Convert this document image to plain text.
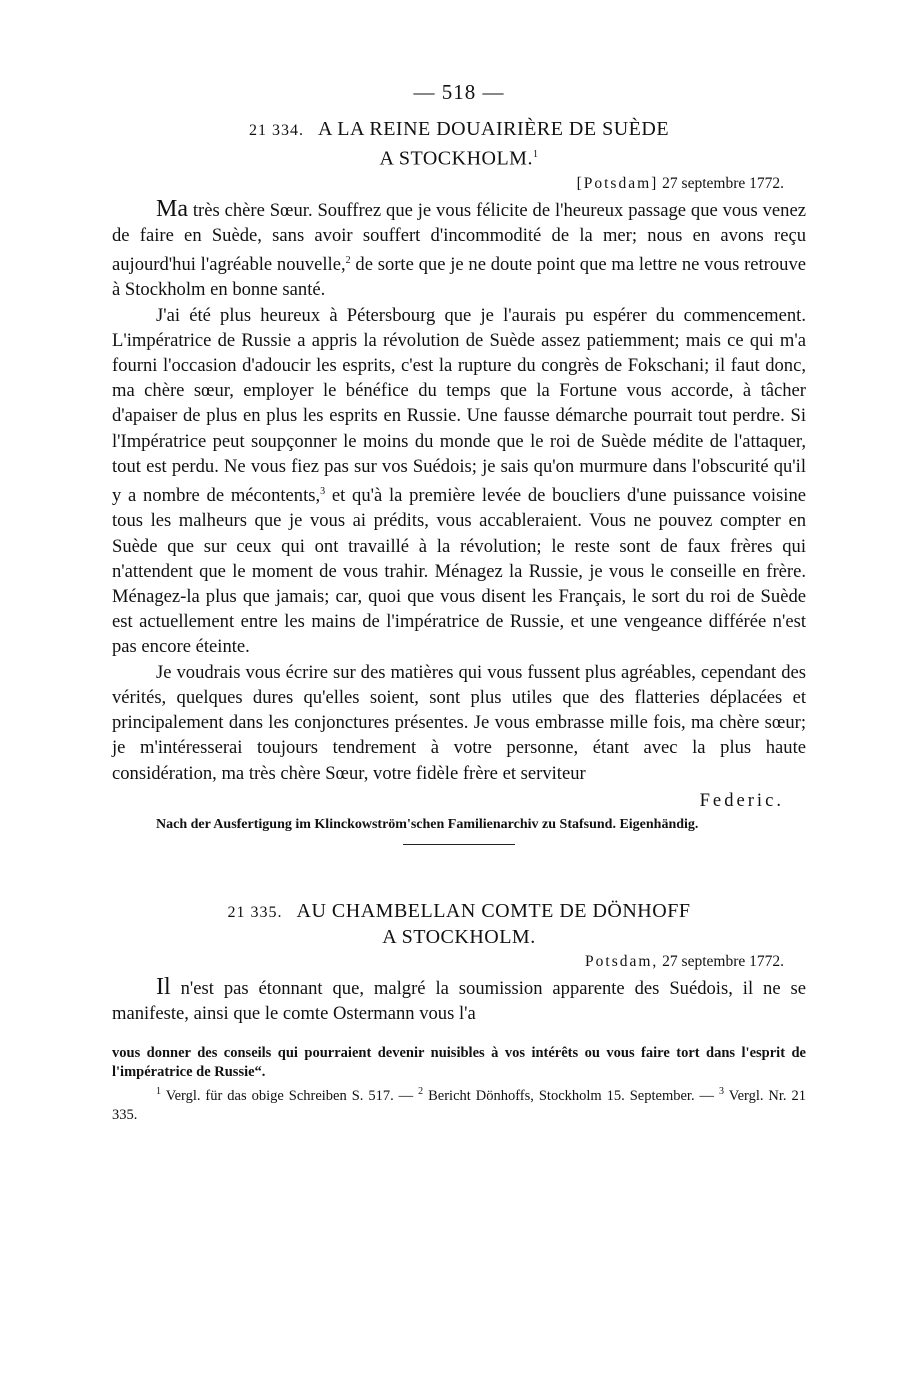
— 518 —
21 334. A LA REINE DOUAIRIÈRE DE SUÈDE
A STOCKHOLM.$^1$
[Potsdam] 27 septembre 1772.

Ma très chère Sœur. Souffrez que je vous félicite de l'heureux passage que vous venez de faire en Suède, sans avoir souffert d'incommodité de la mer; nous en avons reçu aujourd'hui l'agréable nouvelle,$^2$ de sorte que je ne doute point que ma lettre ne vous retrouve à Stockholm en bonne santé.

J'ai été plus heureux à Pétersbourg que je l'aurais pu espérer du commencement. L'impératrice de Russie a appris la révolution de Suède assez patiemment; mais ce qui m'a fourni l'occasion d'adoucir les esprits, c'est la rupture du congrès de Fokschani; il faut donc, ma chère sœur, employer le bénéfice du temps que la Fortune vous accorde, à tâcher d'apaiser de plus en plus les esprits en Russie. Une fausse démarche pourrait tout perdre. Si l'Impératrice peut soupçonner le moins du monde que le roi de Suède médite de l'attaquer, tout est perdu. Ne vous fiez pas sur vos Suédois; je sais qu'on murmure dans l'obscurité qu'il y a nombre de mécontents,$^3$ et qu'à la première levée de boucliers d'une puissance voisine tous les malheurs que je vous ai prédits, vous accableraient. Vous ne pouvez compter en Suède que sur ceux qui ont travaillé à la révolution; le reste sont de faux frères qui n'attendent que le moment de vous trahir. Ménagez la Russie, je vous le conseille en frère. Ménagez-la plus que jamais; car, quoi que vous disent les Français, le sort du roi de Suède est actuellement entre les mains de l'impératrice de Russie, et une vengeance différée n'est pas encore éteinte.

Je voudrais vous écrire sur des matières qui vous fussent plus agréables, cependant des vérités, quelques dures qu'elles soient, sont plus utiles que des flatteries déplacées et principalement dans les conjonctures présentes. Je vous embrasse mille fois, ma chère sœur; je m'intéresserai toujours tendrement à votre personne, étant avec la plus haute considération, ma très chère Sœur, votre fidèle frère et serviteur

Federic.

Nach der Ausfertigung im Klinckowström'schen Familienarchiv zu Stafsund. Eigenhändig.

21 335. AU CHAMBELLAN COMTE DE DÖNHOFF
A STOCKHOLM.
Potsdam, 27 septembre 1772.

Il n'est pas étonnant que, malgré la soumission apparente des Suédois, il ne se manifeste, ainsi que le comte Ostermann vous l'a

vous donner des conseils qui pourraient devenir nuisibles à vos intérêts ou vous faire tort dans l'esprit de l'impératrice de Russie“.

$^1$ Vergl. für das obige Schreiben S. 517. — $^2$ Bericht Dönhoffs, Stockholm 15. September. — $^3$ Vergl. Nr. 21 335.
